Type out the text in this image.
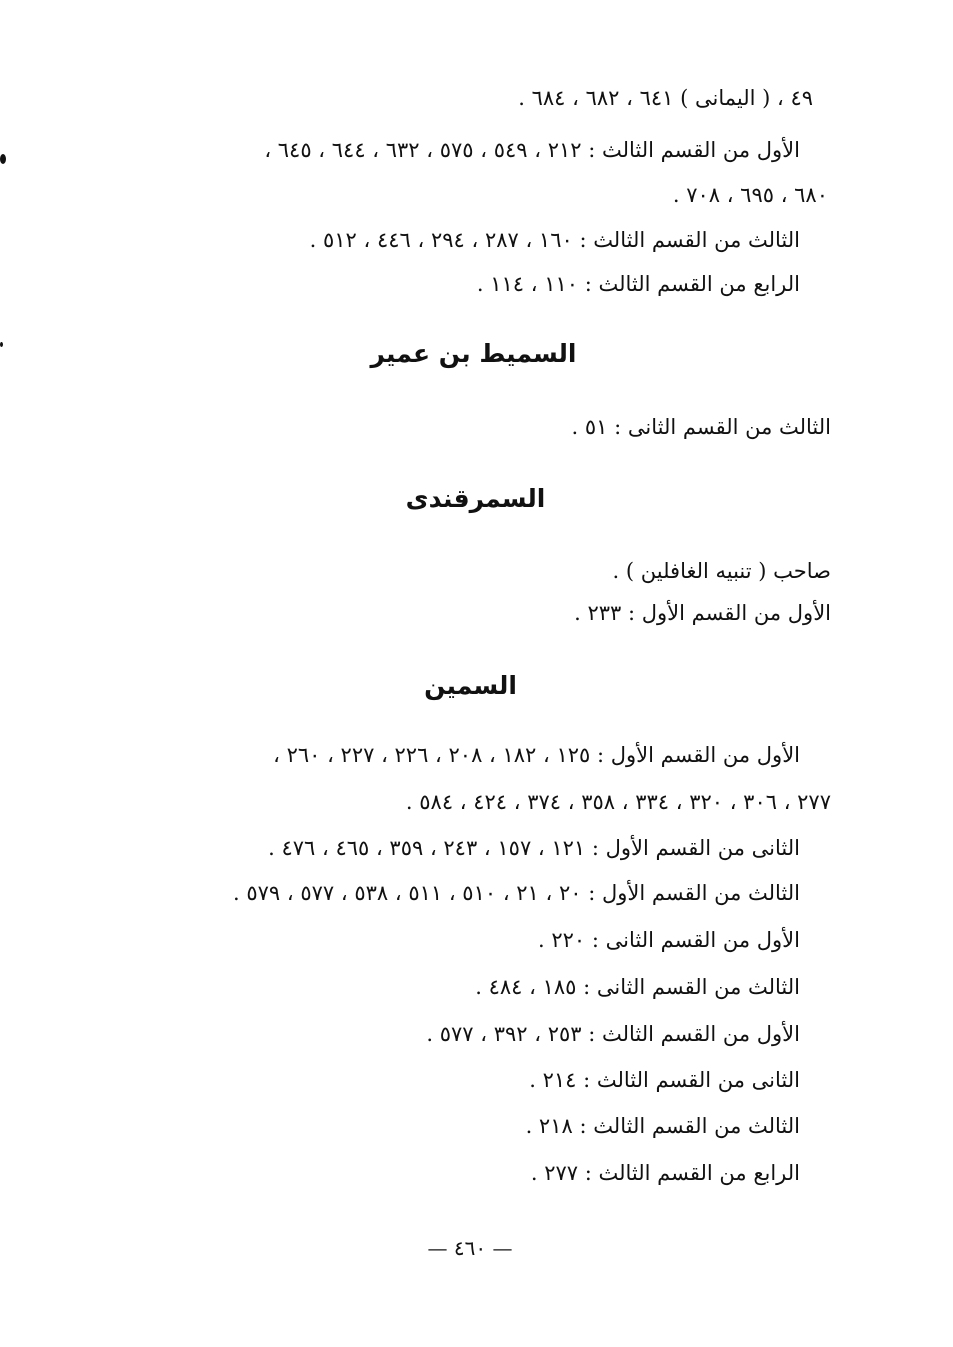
٤٩ ، ( اليمانى ) ٦٤١ ، ٦٨٢ ، ٦٨٤ .
الأول من القسم الثالث : ٢١٢ ، ٥٤٩ ، ٥٧٥ ، ٦٣٢ ، ٦٤٤ ، ٦٤٥ ،
٦٨٠ ، ٦٩٥ ، ٧٠٨ .
الثالث من القسم الثالث : ١٦٠ ، ٢٨٧ ، ٢٩٤ ، ٤٤٦ ، ٥١٢ .
الرابع من القسم الثالث : ١١٠ ، ١١٤ .
السميط بن عمير
الثالث من القسم الثانى : ٥١ .
السمرقندى
صاحب ( تنبيه الغافلين ) .
الأول من القسم الأول : ٢٣٣ .
السمين
الأول من القسم الأول : ١٢٥ ، ١٨٢ ، ٢٠٨ ، ٢٢٦ ، ٢٢٧ ، ٢٦٠ ،
٢٧٧ ، ٣٠٦ ، ٣٢٠ ، ٣٣٤ ، ٣٥٨ ، ٣٧٤ ، ٤٢٤ ، ٥٨٤ .
الثانى من القسم الأول : ١٢١ ، ١٥٧ ، ٢٤٣ ، ٣٥٩ ، ٤٦٥ ، ٤٧٦ .
الثالث من القسم الأول : ٢٠ ، ٢١ ، ٥١٠ ، ٥١١ ، ٥٣٨ ، ٥٧٧ ، ٥٧٩ .
الأول من القسم الثانى : ٢٢٠ .
الثالث من القسم الثانى : ١٨٥ ، ٤٨٤ .
الأول من القسم الثالث : ٢٥٣ ، ٣٩٢ ، ٥٧٧ .
الثانى من القسم الثالث : ٢١٤ .
الثالث من القسم الثالث : ٢١٨ .
الرابع من القسم الثالث : ٢٧٧ .
— ٤٦٠ —
